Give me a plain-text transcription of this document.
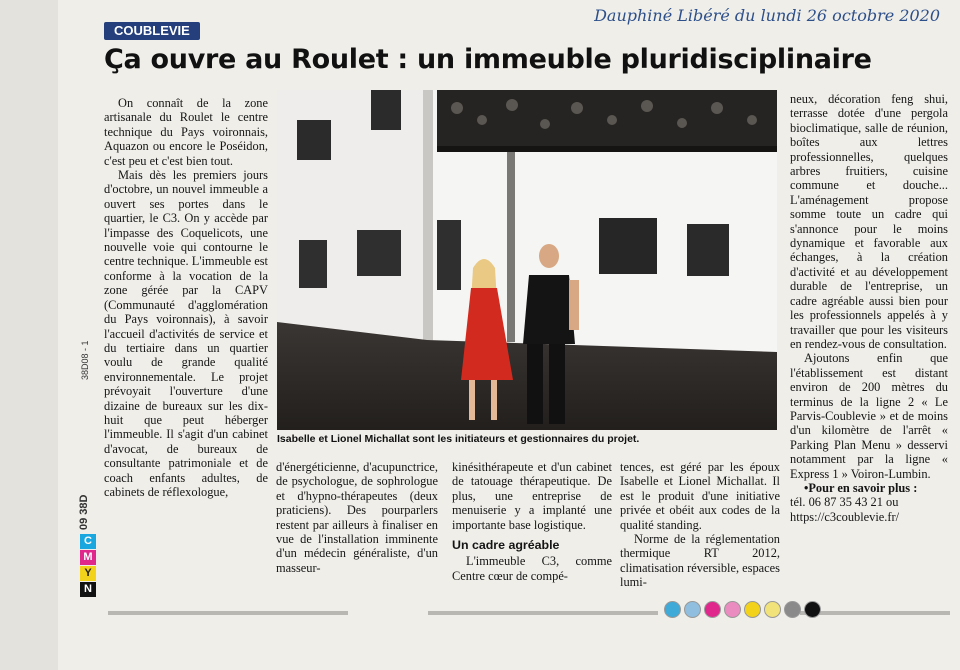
Dauphiné Libéré du lundi 26 octobre 2020
COUBLEVIE
Ça ouvre au Roulet : un immeuble pluridisciplinaire

On connaît de la zone artisanale du Roulet le centre technique du Pays voironnais, Aquazon ou encore le Poséidon, c'est peu et c'est bien tout.

Mais dès les premiers jours d'octobre, un nouvel immeuble a ouvert ses portes dans le quartier, le C3. On y accède par l'impasse des Coquelicots, une nouvelle voie qui contourne le centre technique. L'immeuble est conforme à la vocation de la zone gérée par la CAPV (Communauté d'agglomération du Pays voironnais), à savoir l'accueil d'activités de service et du tertiaire dans un quartier voulu de grande qualité environnementale. Le projet prévoyait l'ouverture d'une dizaine de bureaux sur les dix-huit que peut héberger l'immeuble. Il s'agit d'un cabinet d'avocat, de bureaux de consultante patrimoniale et de coach enfants adultes, de cabinets de réflexologue,

Isabelle et Lionel Michallat sont les initiateurs et gestionnaires du projet.

d'énergéticienne, d'acupunctrice, de psychologue, de sophrologue et d'hypno-thérapeutes (deux praticiens). Des pourparlers restent par ailleurs à finaliser en vue de l'installation imminente d'un médecin généraliste, d'un masseur-

kinésithérapeute et d'un cabinet de tatouage thérapeutique. De plus, une entreprise de menuiserie y a implanté une importante base logistique.

Un cadre agréable

L'immeuble C3, comme Centre cœur de compé-

tences, est géré par les époux Isabelle et Lionel Michallat. Il est le produit d'une initiative privée et obéit aux codes de la qualité standing.

Norme de la réglementation thermique RT 2012, climatisation réversible, espaces lumi-

neux, décoration feng shui, terrasse dotée d'une pergola bioclimatique, salle de réunion, boîtes aux lettres professionnelles, quelques arbres fruitiers, cuisine commune et douche... L'aménagement propose somme toute un cadre qui s'annonce pour le moins dynamique et favorable aux échanges, à la création d'activité et au développement durable de l'entreprise, un cadre agréable aussi bien pour les professionnels appelés à y travailler que pour les visiteurs en rendez-vous de consultation.

Ajoutons enfin que l'établissement est distant environ de 200 mètres du terminus de la ligne 2 « Le Parvis-Coublevie » et de moins d'un kilomètre de l'arrêt « Parking Plan Menu » desservi notamment par la ligne « Express 1 » Voiron-Lumbin.

•Pour en savoir plus :

tél. 06 87 35 43 21 ou

https://c3coublevie.fr/

38D08 - 1
09 38D
C
M
Y
N
